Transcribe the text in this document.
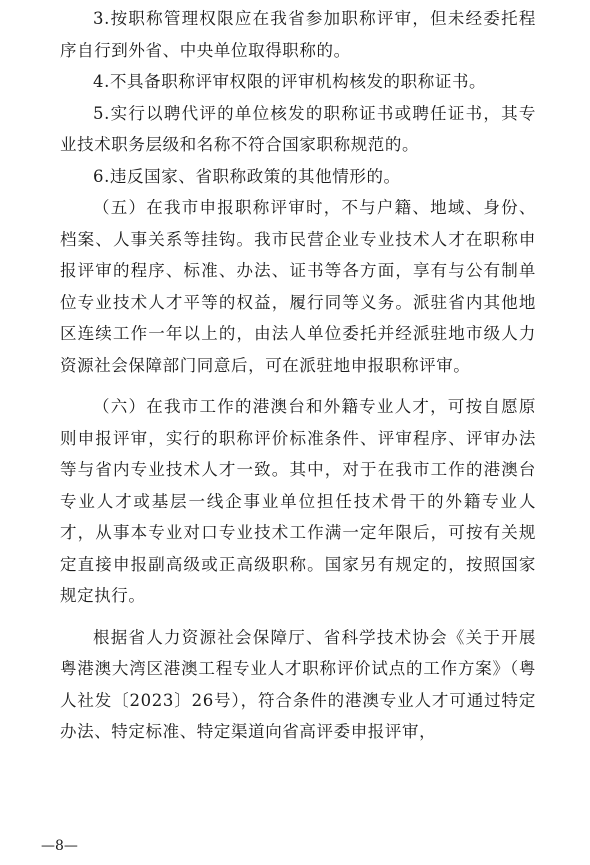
3.按职称管理权限应在我省参加职称评审，但未经委托程序自行到外省、中央单位取得职称的。

4.不具备职称评审权限的评审机构核发的职称证书。

5.实行以聘代评的单位核发的职称证书或聘任证书，其专业技术职务层级和名称不符合国家职称规范的。

6.违反国家、省职称政策的其他情形的。

（五）在我市申报职称评审时，不与户籍、地域、身份、档案、人事关系等挂钩。我市民营企业专业技术人才在职称申报评审的程序、标准、办法、证书等各方面，享有与公有制单位专业技术人才平等的权益，履行同等义务。派驻省内其他地区连续工作一年以上的，由法人单位委托并经派驻地市级人力资源社会保障部门同意后，可在派驻地申报职称评审。

（六）在我市工作的港澳台和外籍专业人才，可按自愿原则申报评审，实行的职称评价标准条件、评审程序、评审办法等与省内专业技术人才一致。其中，对于在我市工作的港澳台专业人才或基层一线企事业单位担任技术骨干的外籍专业人才，从事本专业对口专业技术工作满一定年限后，可按有关规定直接申报副高级或正高级职称。国家另有规定的，按照国家规定执行。

根据省人力资源社会保障厅、省科学技术协会《关于开展粤港澳大湾区港澳工程专业人才职称评价试点的工作方案》（粤人社发〔2023〕26号），符合条件的港澳专业人才可通过特定办法、特定标准、特定渠道向省高评委申报评审，

—8—
